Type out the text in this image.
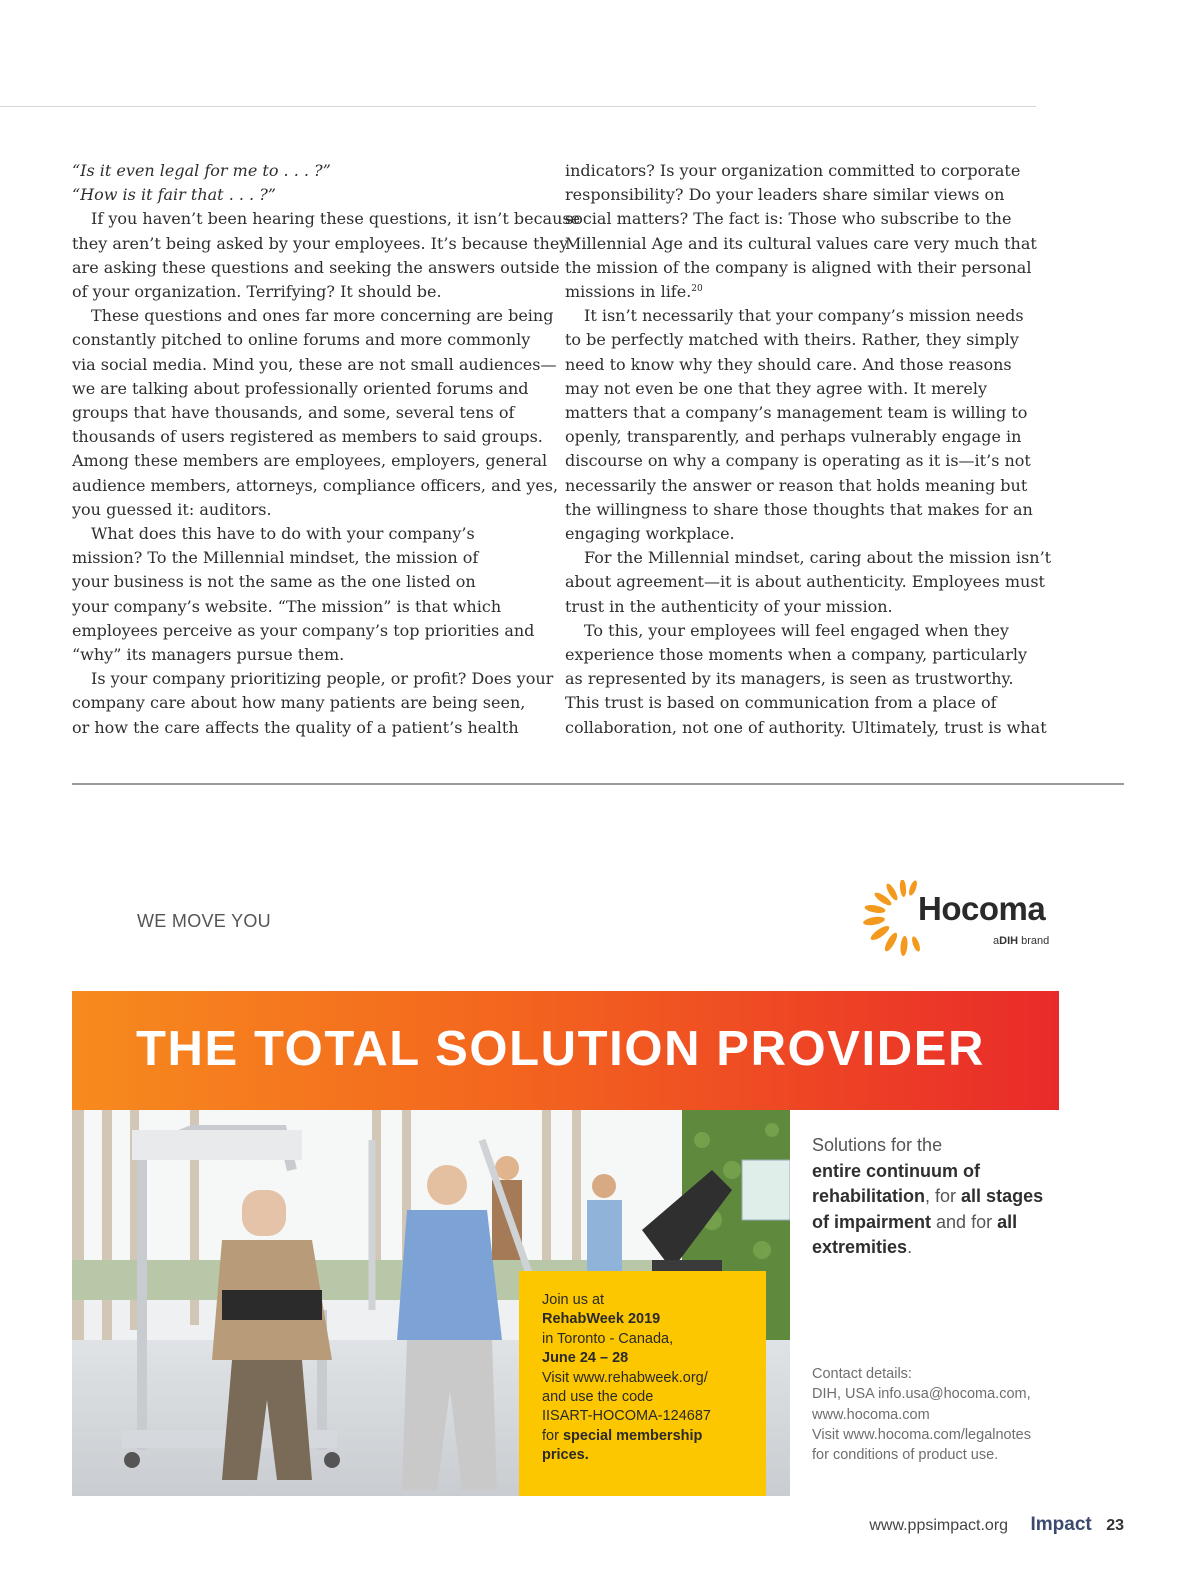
“Is it even legal for me to . . . ?”
“How is it fair that . . . ?”
If you haven’t been hearing these questions, it isn’t because
they aren’t being asked by your employees. It’s because they
are asking these questions and seeking the answers outside
of your organization. Terrifying? It should be.
These questions and ones far more concerning are being
constantly pitched to online forums and more commonly
via social media. Mind you, these are not small audiences—
we are talking about professionally oriented forums and
groups that have thousands, and some, several tens of
thousands of users registered as members to said groups.
Among these members are employees, employers, general
audience members, attorneys, compliance officers, and yes,
you guessed it: auditors.
What does this have to do with your company’s
mission? To the Millennial mindset, the mission of
your business is not the same as the one listed on
your company’s website. “The mission” is that which
employees perceive as your company’s top priorities and
“why” its managers pursue them.
Is your company prioritizing people, or profit? Does your
company care about how many patients are being seen,
or how the care affects the quality of a patient’s health
indicators? Is your organization committed to corporate
responsibility? Do your leaders share similar views on
social matters? The fact is: Those who subscribe to the
Millennial Age and its cultural values care very much that
the mission of the company is aligned with their personal
missions in life.$^{20}$
It isn’t necessarily that your company’s mission needs
to be perfectly matched with theirs. Rather, they simply
need to know why they should care. And those reasons
may not even be one that they agree with. It merely
matters that a company’s management team is willing to
openly, transparently, and perhaps vulnerably engage in
discourse on why a company is operating as it is—it’s not
necessarily the answer or reason that holds meaning but
the willingness to share those thoughts that makes for an
engaging workplace.
For the Millennial mindset, caring about the mission isn’t
about agreement—it is about authenticity. Employees must
trust in the authenticity of your mission.
To this, your employees will feel engaged when they
experience those moments when a company, particularly
as represented by its managers, is seen as trustworthy.
This trust is based on communication from a place of
collaboration, not one of authority. Ultimately, trust is what
WE MOVE YOU	Hocoma
aDIH brand
THE TOTAL SOLUTION PROVIDER
Join us at
RehabWeek 2019
in Toronto - Canada,
June 24 – 28
Visit www.rehabweek.org/
and use the code
IISART-HOCOMA-124687
for special membership
prices.
Solutions for the
entire continuum of rehabilitation, for all stages of impairment and for all extremities.
Contact details:
DIH, USA info.usa@hocoma.com,
www.hocoma.com
Visit www.hocoma.com/legalnotes
for conditions of product use.
www.ppsimpact.org Impact 23
